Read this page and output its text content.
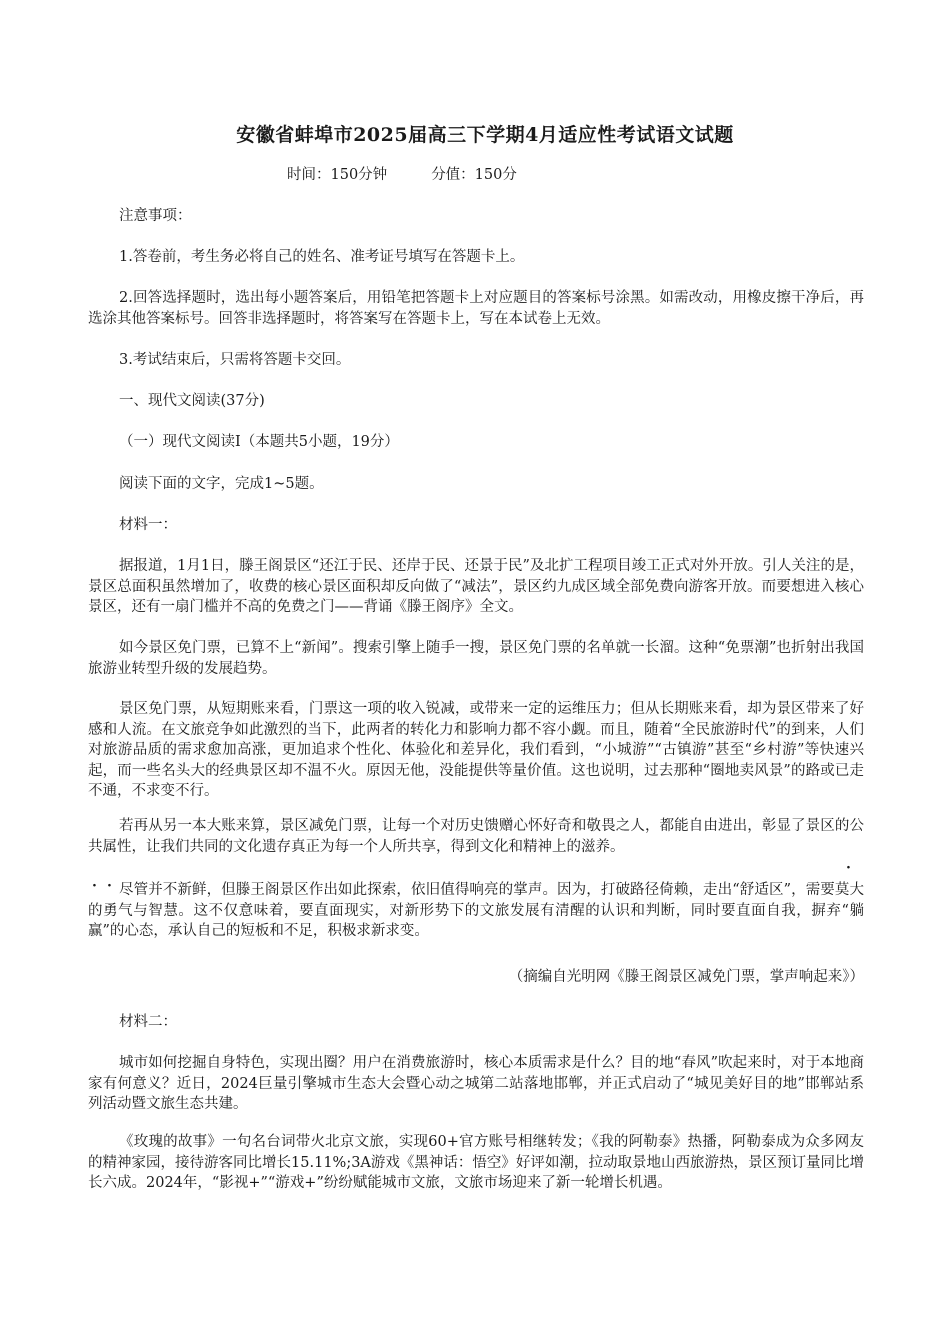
安徽省蚌埠市2025届高三下学期4月适应性考试语文试题
时间：150分钟	分值：150分
注意事项：
1.答卷前，考生务必将自己的姓名、准考证号填写在答题卡上。
2.回答选择题时，选出每小题答案后，用铅笔把答题卡上对应题目的答案标号涂黑。如需改动，用橡皮擦干净后，再选涂其他答案标号。回答非选择题时，将答案写在答题卡上，写在本试卷上无效。
3.考试结束后，只需将答题卡交回。
一、现代文阅读(37分)
（一）现代文阅读Ⅰ（本题共5小题，19分）
阅读下面的文字，完成1~5题。
材料一：
据报道，1月1日，滕王阁景区“还江于民、还岸于民、还景于民”及北扩工程项目竣工正式对外开放。引人关注的是，景区总面积虽然增加了，收费的核心景区面积却反向做了“减法”，景区约九成区域全部免费向游客开放。而要想进入核心景区，还有一扇门槛并不高的免费之门——背诵《滕王阁序》全文。
如今景区免门票，已算不上“新闻”。搜索引擎上随手一搜，景区免门票的名单就一长溜。这种“免票潮”也折射出我国旅游业转型升级的发展趋势。
景区免门票，从短期账来看，门票这一项的收入锐减，或带来一定的运维压力；但从长期账来看，却为景区带来了好感和人流。在文旅竞争如此激烈的当下，此两者的转化力和影响力都不容小觑。而且，随着“全民旅游时代”的到来，人们对旅游品质的需求愈加高涨，更加追求个性化、体验化和差异化，我们看到，“小城游”“古镇游”甚至“乡村游”等快速兴起，而一些名头大的经典景区却不温不火。原因无他，没能提供等量价值。这也说明，过去那种“圈地卖风景”的路或已走不通，不求变不行。
若再从另一本大账来算，景区减免门票，让每一个对历史馈赠心怀好奇和敬畏之人，都能自由进出，彰显了景区的公共属性，让我们共同的文化遗存真正为每一个人所共享，得到文化和精神上的滋养。
尽管并不新鲜，但滕王阁景区作出如此探索，依旧值得响亮的掌声。因为，打破路径倚赖，走出“舒适区”，需要莫大的勇气与智慧。这不仅意味着，要直面现实，对新形势下的文旅发展有清醒的认识和判断，同时要直面自我，摒弃“躺赢”的心态，承认自己的短板和不足，积极求新求变。
· ·
·
（摘编自光明网《滕王阁景区减免门票，掌声响起来》）
材料二：
城市如何挖掘自身特色，实现出圈？用户在消费旅游时，核心本质需求是什么？目的地“春风”吹起来时，对于本地商家有何意义？近日，2024巨量引擎城市生态大会暨心动之城第二站落地邯郸，并正式启动了“城见美好目的地”邯郸站系列活动暨文旅生态共建。
《玫瑰的故事》一句名台词带火北京文旅，实现60+官方账号相继转发；《我的阿勒泰》热播，阿勒泰成为众多网友的精神家园，接待游客同比增长15.11%;3A游戏《黑神话：悟空》好评如潮，拉动取景地山西旅游热，景区预订量同比增长六成。2024年，“影视+”“游戏+”纷纷赋能城市文旅，文旅市场迎来了新一轮增长机遇。
